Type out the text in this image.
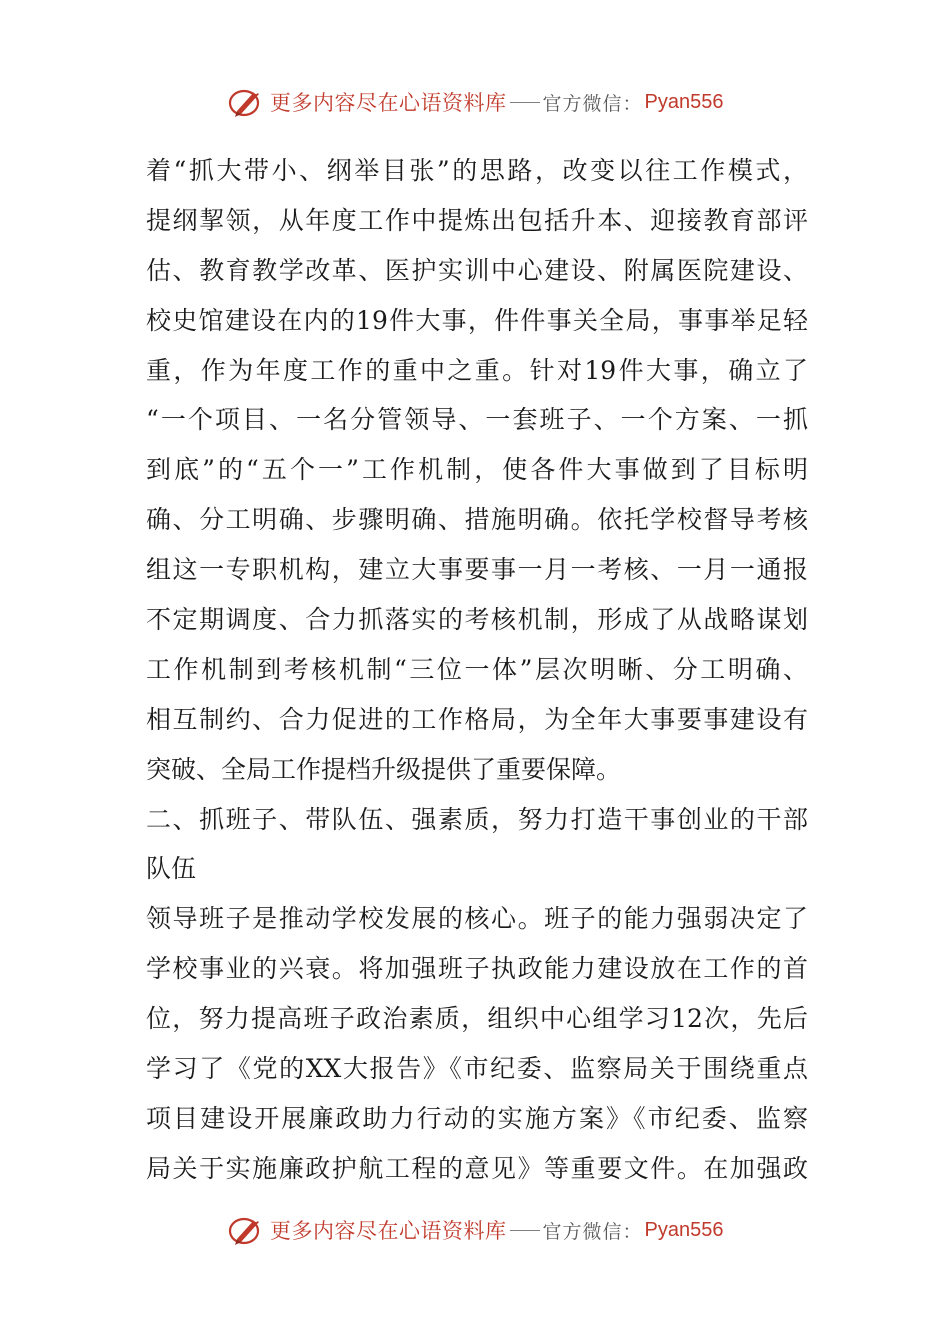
更多内容尽在心语资料库 官方微信： Pyan556
着“抓大带小、纲举目张”的思路，改变以往工作模式，
提纲挈领，从年度工作中提炼出包括升本、迎接教育部评
估、教育教学改革、医护实训中心建设、附属医院建设、
校史馆建设在内的19件大事，件件事关全局，事事举足轻
重，作为年度工作的重中之重。针对19件大事，确立了
“一个项目、一名分管领导、一套班子、一个方案、一抓
到底”的“五个一”工作机制，使各件大事做到了目标明
确、分工明确、步骤明确、措施明确。依托学校督导考核
组这一专职机构，建立大事要事一月一考核、一月一通报
不定期调度、合力抓落实的考核机制，形成了从战略谋划
工作机制到考核机制“三位一体”层次明晰、分工明确、
相互制约、合力促进的工作格局，为全年大事要事建设有
突破、全局工作提档升级提供了重要保障。
二、抓班子、带队伍、强素质，努力打造干事创业的干部
队伍
领导班子是推动学校发展的核心。班子的能力强弱决定了
学校事业的兴衰。将加强班子执政能力建设放在工作的首
位，努力提高班子政治素质，组织中心组学习12次，先后
学习了《党的XX大报告》《市纪委、监察局关于围绕重点
项目建设开展廉政助力行动的实施方案》《市纪委、监察
局关于实施廉政护航工程的意见》等重要文件。在加强政
更多内容尽在心语资料库 官方微信： Pyan556
